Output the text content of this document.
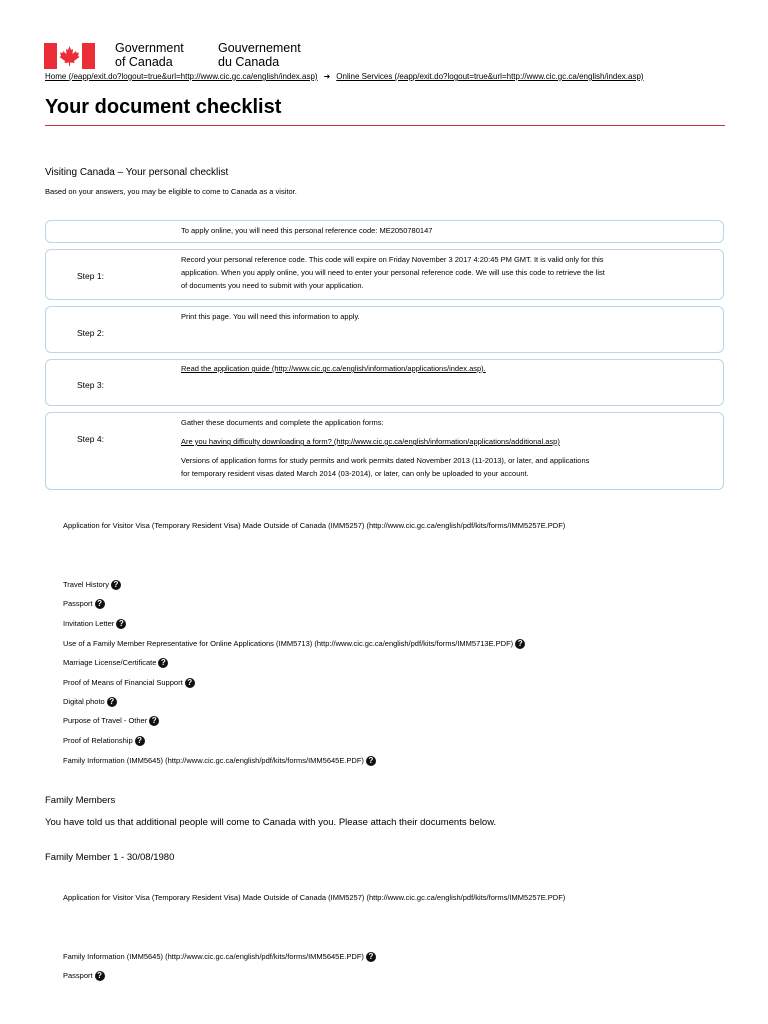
Government
of Canada
Gouvernement
du Canada
Home (/eapp/exit.do?logout=true&url=http://www.cic.gc.ca/english/index.asp) ➜ Online Services (/eapp/exit.do?logout=true&url=http://www.cic.gc.ca/english/index.asp)
Your document checklist
Visiting Canada – Your personal checklist
Based on your answers, you may be eligible to come to Canada as a visitor.
To apply online, you will need this personal reference code: ME2050780147
Step 1:
Record your personal reference code. This code will expire on Friday November 3 2017 4:20:45 PM GMT. It is valid only for this
application. When you apply online, you will need to enter your personal reference code. We will use this code to retrieve the list
of documents you need to submit with your application.
Step 2:
Print this page. You will need this information to apply.
Step 3:
Read the application guide (http://www.cic.gc.ca/english/information/applications/index.asp).
Step 4:

Gather these documents and complete the application forms:

Are you having difficulty downloading a form? (http://www.cic.gc.ca/english/information/applications/additional.asp)

Versions of application forms for study permits and work permits dated November 2013 (11-2013), or later, and applications
for temporary resident visas dated March 2014 (03-2014), or later, can only be uploaded to your account.

Application for Visitor Visa (Temporary Resident Visa) Made Outside of Canada (IMM5257) (http://www.cic.gc.ca/english/pdf/kits/forms/IMM5257E.PDF)
Travel History ?
Passport ?
Invitation Letter ?
Use of a Family Member Representative for Online Applications (IMM5713) (http://www.cic.gc.ca/english/pdf/kits/forms/IMM5713E.PDF) ?
Marriage License/Certificate ?
Proof of Means of Financial Support ?
Digital photo ?
Purpose of Travel - Other ?
Proof of Relationship ?
Family Information (IMM5645) (http://www.cic.gc.ca/english/pdf/kits/forms/IMM5645E.PDF) ?
Family Members
You have told us that additional people will come to Canada with you. Please attach their documents below.
Family Member 1 - 30/08/1980
Application for Visitor Visa (Temporary Resident Visa) Made Outside of Canada (IMM5257) (http://www.cic.gc.ca/english/pdf/kits/forms/IMM5257E.PDF)
Family Information (IMM5645) (http://www.cic.gc.ca/english/pdf/kits/forms/IMM5645E.PDF) ?
Passport ?
